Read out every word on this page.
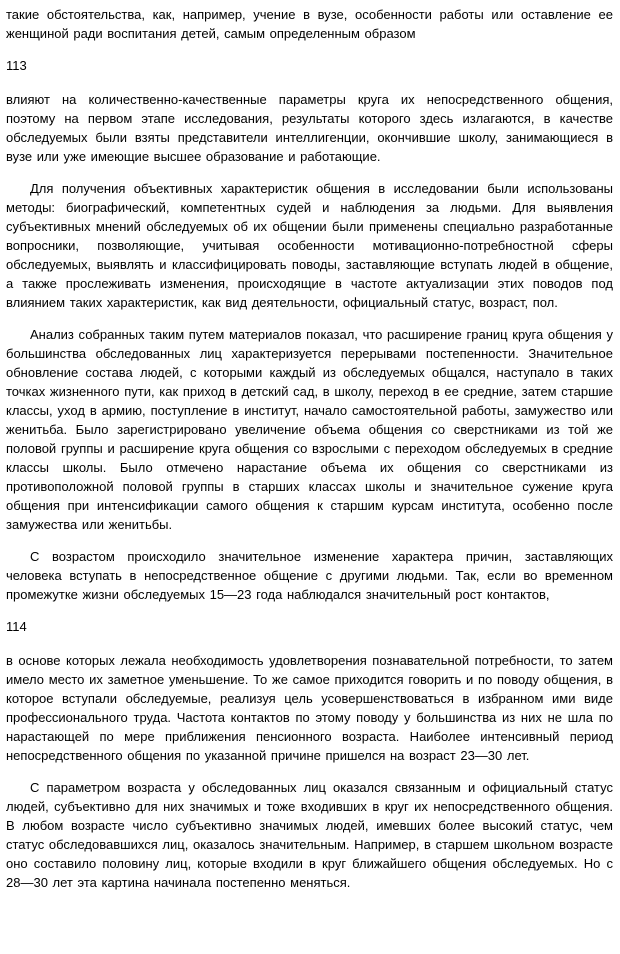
такие обстоятельства, как, например, учение в вузе, особенности работы или оставление ее женщиной ради воспитания детей, самым определенным образом

113

влияют на количественно-качественные параметры круга их непосредственного общения, поэтому на первом этапе исследования, результаты которого здесь излагаются, в качестве обследуемых были взяты представители интеллигенции, окончившие школу, занимающиеся в вузе или уже имеющие высшее образование и работающие.

Для получения объективных характеристик общения в исследовании были использованы методы: биографический, компетентных судей и наблюдения за людьми. Для выявления субъективных мнений обследуемых об их общении были применены специально разработанные вопросники, позволяющие, учитывая особенности мотивационно-потребностной сферы обследуемых, выявлять и классифицировать поводы, заставляющие вступать людей в общение, а также прослеживать изменения, происходящие в частоте актуализации этих поводов под влиянием таких характеристик, как вид деятельности, официальный статус, возраст, пол.

Анализ собранных таким путем материалов показал, что расширение границ круга общения у большинства обследованных лиц характеризуется перерывами постепенности. Значительное обновление состава людей, с которыми каждый из обследуемых общался, наступало в таких точках жизненного пути, как приход в детский сад, в школу, переход в ее средние, затем старшие классы, уход в армию, поступление в институт, начало самостоятельной работы, замужество или женитьба. Было зарегистрировано увеличение объема общения со сверстниками из той же половой группы и расширение круга общения со взрослыми с переходом обследуемых в средние классы школы. Было отмечено нарастание объема их общения со сверстниками из противоположной половой группы в старших классах школы и значительное сужение круга общения при интенсификации самого общения к старшим курсам института, особенно после замужества или женитьбы.

С возрастом происходило значительное изменение характера причин, заставляющих человека вступать в непосредственное общение с другими людьми. Так, если во временном промежутке жизни обследуемых 15—23 года наблюдался значительный рост контактов,

114

в основе которых лежала необходимость удовлетворения познавательной потребности, то затем имело место их заметное уменьшение. То же самое приходится говорить и по поводу общения, в которое вступали обследуемые, реализуя цель усовершенствоваться в избранном ими виде профессионального труда. Частота контактов по этому поводу у большинства из них не шла по нарастающей по мере приближения пенсионного возраста. Наиболее интенсивный период непосредственного общения по указанной причине пришелся на возраст 23—30 лет.

С параметром возраста у обследованных лиц оказался связанным и официальный статус людей, субъективно для них значимых и тоже входивших в круг их непосредственного общения. В любом возрасте число субъективно значимых людей, имевших более высокий статус, чем статус обследовавшихся лиц, оказалось значительным. Например, в старшем школьном возрасте оно составило половину лиц, которые входили в круг ближайшего общения обследуемых. Но с 28—30 лет эта картина начинала постепенно меняться.
